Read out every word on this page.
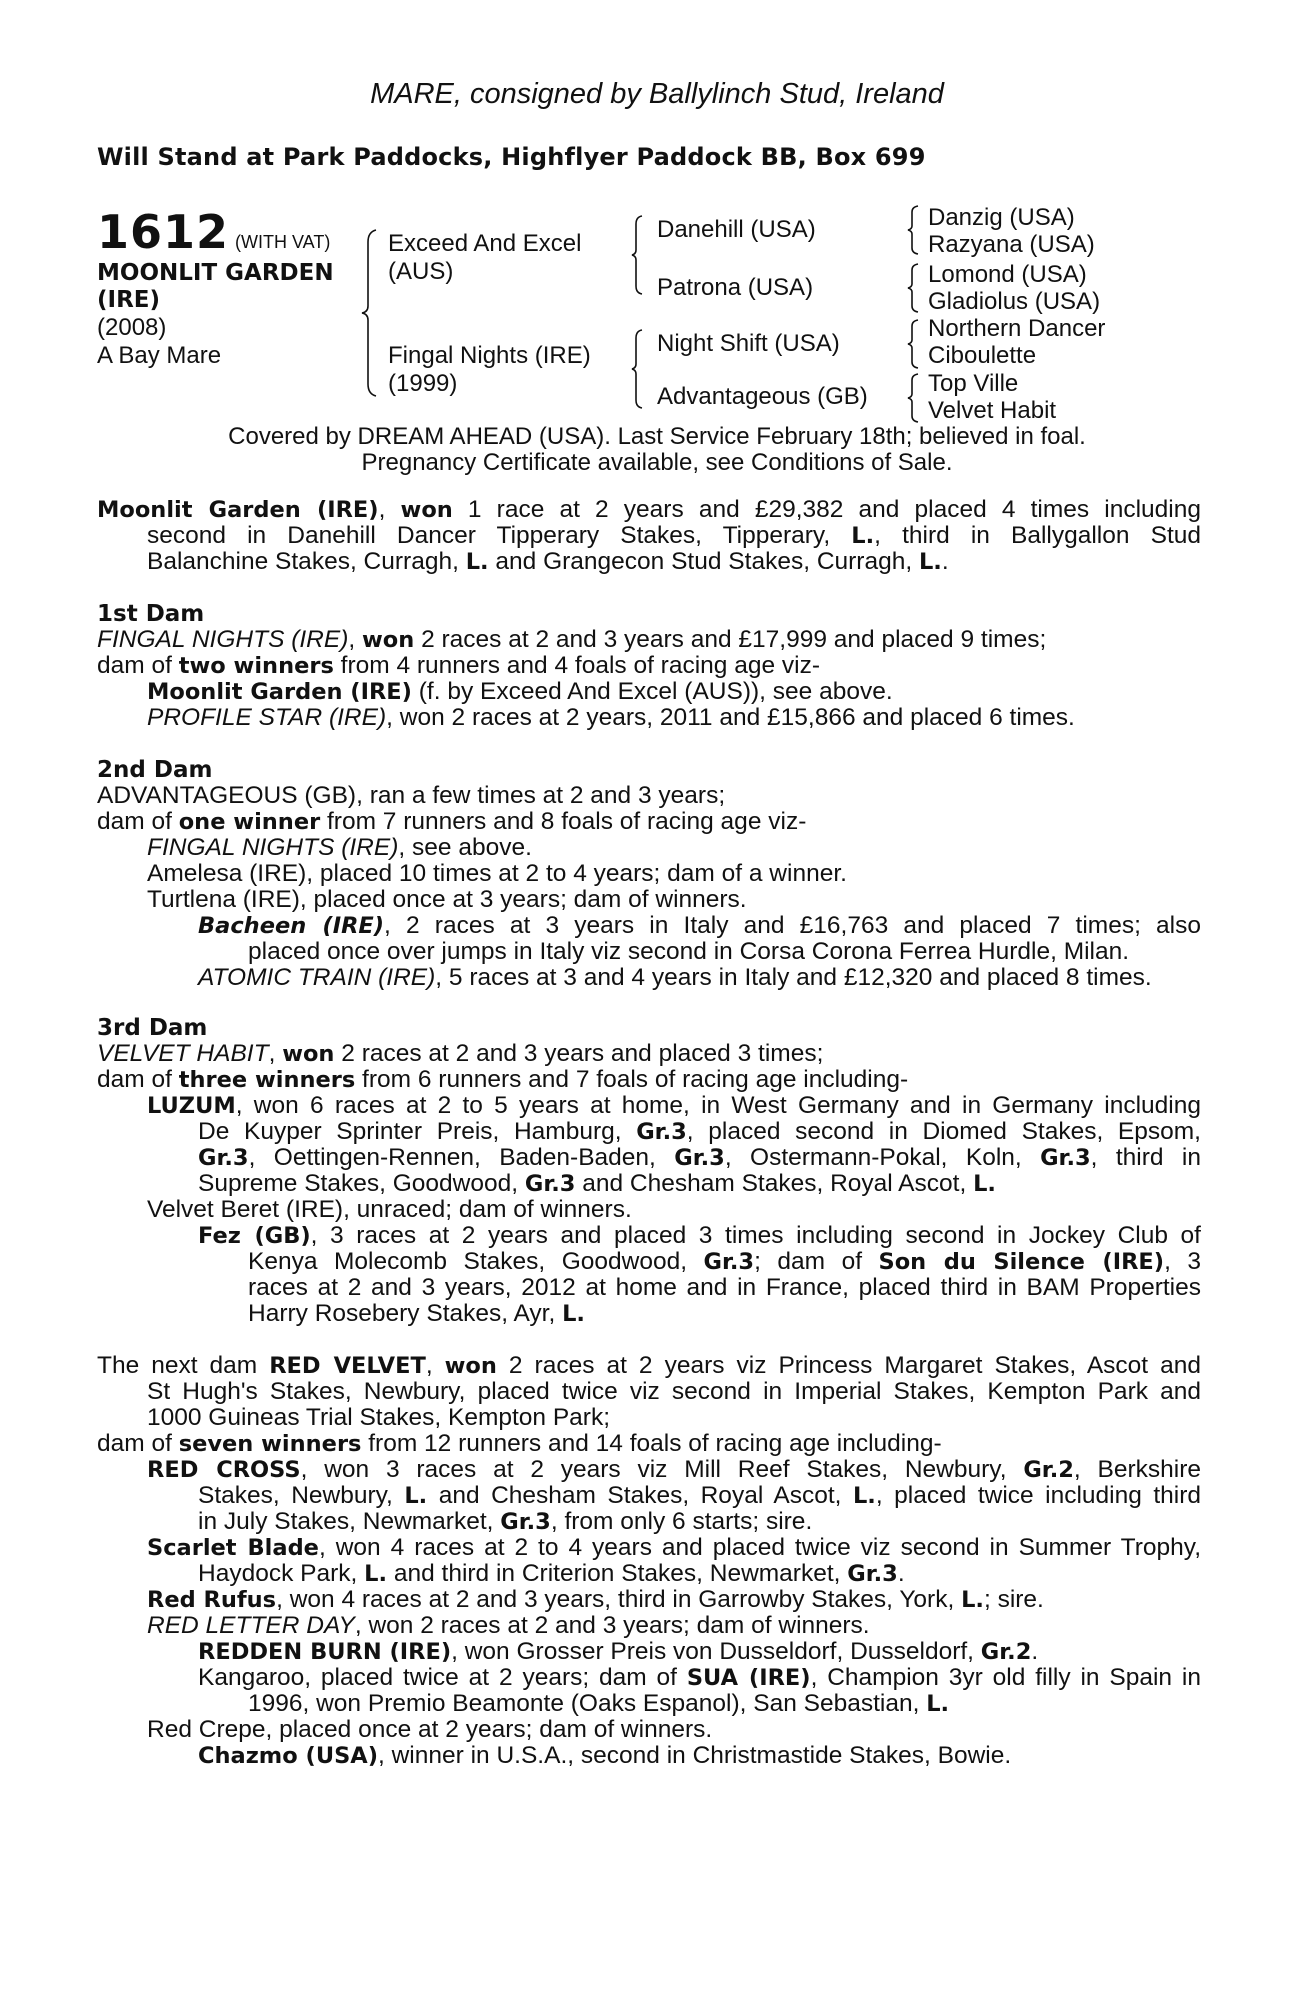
MARE, consigned by Ballylinch Stud, Ireland
Will Stand at Park Paddocks, Highflyer Paddock BB, Box 699
1612 (WITH VAT)
MOONLIT GARDEN
(IRE)
(2008)
A Bay Mare
Exceed And Excel
(AUS)
Fingal Nights (IRE)
(1999)
Danehill (USA)
Patrona (USA)
Night Shift (USA)
Advantageous (GB)
Danzig (USA)
Razyana (USA)
Lomond (USA)
Gladiolus (USA)
Northern Dancer
Ciboulette
Top Ville
Velvet Habit
Covered by DREAM AHEAD (USA). Last Service February 18th; believed in foal.
Pregnancy Certificate available, see Conditions of Sale.
Moonlit Garden (IRE), won 1 race at 2 years and £29,382 and placed 4 times including
second in Danehill Dancer Tipperary Stakes, Tipperary, L., third in Ballygallon Stud
Balanchine Stakes, Curragh, L. and Grangecon Stud Stakes, Curragh, L..
1st Dam
FINGAL NIGHTS (IRE), won 2 races at 2 and 3 years and £17,999 and placed 9 times;
dam of two winners from 4 runners and 4 foals of racing age viz-
Moonlit Garden (IRE) (f. by Exceed And Excel (AUS)), see above.
PROFILE STAR (IRE), won 2 races at 2 years, 2011 and £15,866 and placed 6 times.
2nd Dam
ADVANTAGEOUS (GB), ran a few times at 2 and 3 years;
dam of one winner from 7 runners and 8 foals of racing age viz-
FINGAL NIGHTS (IRE), see above.
Amelesa (IRE), placed 10 times at 2 to 4 years; dam of a winner.
Turtlena (IRE), placed once at 3 years; dam of winners.
Bacheen (IRE), 2 races at 3 years in Italy and £16,763 and placed 7 times; also
placed once over jumps in Italy viz second in Corsa Corona Ferrea Hurdle, Milan.
ATOMIC TRAIN (IRE), 5 races at 3 and 4 years in Italy and £12,320 and placed 8 times.
3rd Dam
VELVET HABIT, won 2 races at 2 and 3 years and placed 3 times;
dam of three winners from 6 runners and 7 foals of racing age including-
LUZUM, won 6 races at 2 to 5 years at home, in West Germany and in Germany including
De Kuyper Sprinter Preis, Hamburg, Gr.3, placed second in Diomed Stakes, Epsom,
Gr.3, Oettingen-Rennen, Baden-Baden, Gr.3, Ostermann-Pokal, Koln, Gr.3, third in
Supreme Stakes, Goodwood, Gr.3 and Chesham Stakes, Royal Ascot, L.
Velvet Beret (IRE), unraced; dam of winners.
Fez (GB), 3 races at 2 years and placed 3 times including second in Jockey Club of
Kenya Molecomb Stakes, Goodwood, Gr.3; dam of Son du Silence (IRE), 3
races at 2 and 3 years, 2012 at home and in France, placed third in BAM Properties
Harry Rosebery Stakes, Ayr, L.
The next dam RED VELVET, won 2 races at 2 years viz Princess Margaret Stakes, Ascot and
St Hugh's Stakes, Newbury, placed twice viz second in Imperial Stakes, Kempton Park and
1000 Guineas Trial Stakes, Kempton Park;
dam of seven winners from 12 runners and 14 foals of racing age including-
RED CROSS, won 3 races at 2 years viz Mill Reef Stakes, Newbury, Gr.2, Berkshire
Stakes, Newbury, L. and Chesham Stakes, Royal Ascot, L., placed twice including third
in July Stakes, Newmarket, Gr.3, from only 6 starts; sire.
Scarlet Blade, won 4 races at 2 to 4 years and placed twice viz second in Summer Trophy,
Haydock Park, L. and third in Criterion Stakes, Newmarket, Gr.3.
Red Rufus, won 4 races at 2 and 3 years, third in Garrowby Stakes, York, L.; sire.
RED LETTER DAY, won 2 races at 2 and 3 years; dam of winners.
REDDEN BURN (IRE), won Grosser Preis von Dusseldorf, Dusseldorf, Gr.2.
Kangaroo, placed twice at 2 years; dam of SUA (IRE), Champion 3yr old filly in Spain in
1996, won Premio Beamonte (Oaks Espanol), San Sebastian, L.
Red Crepe, placed once at 2 years; dam of winners.
Chazmo (USA), winner in U.S.A., second in Christmastide Stakes, Bowie.
